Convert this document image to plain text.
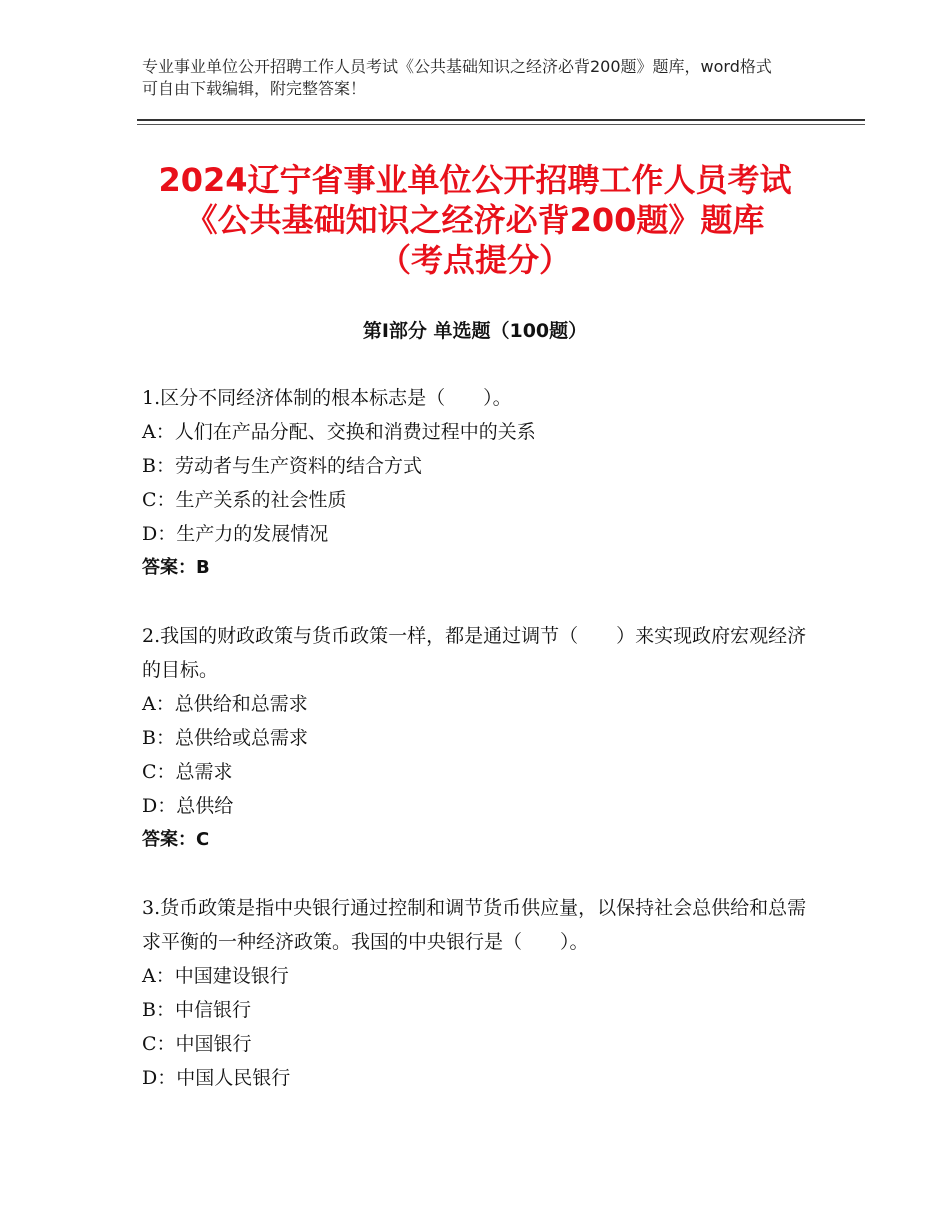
专业事业单位公开招聘工作人员考试《公共基础知识之经济必背200题》题库，word格式可自由下载编辑，附完整答案！
2024辽宁省事业单位公开招聘工作人员考试
《公共基础知识之经济必背200题》题库
（考点提分）
第I部分 单选题（100题）
1.区分不同经济体制的根本标志是（　　）。
A：人们在产品分配、交换和消费过程中的关系
B：劳动者与生产资料的结合方式
C：生产关系的社会性质
D：生产力的发展情况
答案 ： B
2.我国的财政政策与货币政策一样，都是通过调节（　　）来实现政府宏观经济的目标。
A：总供给和总需求
B：总供给或总需求
C：总需求
D：总供给
答案 ： C
3.货币政策是指中央银行通过控制和调节货币供应量，以保持社会总供给和总需求平衡的一种经济政策。我国的中央银行是（　　）。
A：中国建设银行
B：中信银行
C：中国银行
D：中国人民银行
